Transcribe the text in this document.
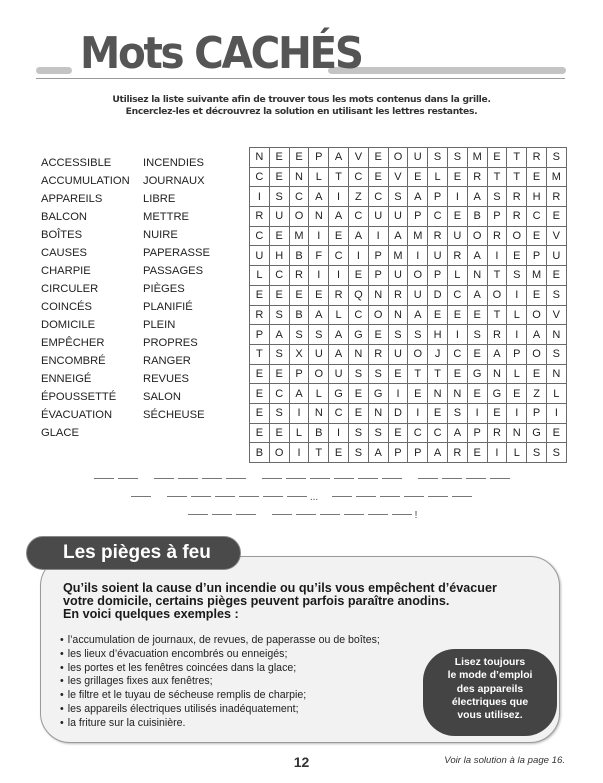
Mots CACHÉS
Utilisez la liste suivante afin de trouver tous les mots contenus dans la grille.
Encerclez-les et décrouvrez la solution en utilisant les lettres restantes.
ACCESSIBLE
ACCUMULATION
APPAREILS
BALCON
BOÎTES
CAUSES
CHARPIE
CIRCULER
COINCÉS
DOMICILE
EMPÊCHER
ENCOMBRÉ
ENNEIGÉ
ÉPOUSSETTÉ
ÉVACUATION
GLACE
INCENDIES
JOURNAUX
LIBRE
METTRE
NUIRE
PAPERASSE
PASSAGES
PIÈGES
PLANIFIÉ
PLEIN
PROPRES
RANGER
REVUES
SALON
SÉCHEUSE
N	E	E	P	A	V	E	O	U	S	S	M	E	T	R	S
C	E	N	L	T	C	E	V	E	L	E	R	T	T	E	M
I	S	C	A	I	Z	C	S	A	P	I	A	S	R	H	R
R	U	O	N	A	C	U	U	P	C	E	B	P	R	C	E
C	E	M	I	E	A	I	A	M	R	U	O	R	O	E	V
U	H	B	F	C	I	P	M	I	U	R	A	I	E	P	U
L	C	R	I	I	E	P	U	O	P	L	N	T	S	M	E
E	E	E	E	R	Q	N	R	U	D	C	A	O	I	E	S
R	S	B	A	L	C	O	N	A	E	E	E	T	L	O	V
P	A	S	S	A	G	E	S	S	H	I	S	R	I	A	N
T	S	X	U	A	N	R	U	O	J	C	E	A	P	O	S
E	E	P	O	U	S	S	E	T	T	E	G	N	L	E	N
E	C	A	L	G	E	G	I	E	N	N	E	G	E	Z	L
E	S	I	N	C	E	N	D	I	E	S	I	E	I	P	I
E	E	L	B	I	S	S	E	C	C	A	P	R	N	G	E
B	O	I	T	E	S	A	P	P	A	R	E	I	L	S	S
...
!
Les pièges à feu
Qu’ils soient la cause d’un incendie ou qu’ils vous empêchent d’évacuer
votre domicile, certains pièges peuvent parfois paraître anodins.
En voici quelques exemples :
• l’accumulation de journaux, de revues, de paperasse ou de boîtes;
• les lieux d’évacuation encombrés ou enneigés;
• les portes et les fenêtres coincées dans la glace;
• les grillages fixes aux fenêtres;
• le filtre et le tuyau de sécheuse remplis de charpie;
• les appareils électriques utilisés inadéquatement;
• la friture sur la cuisinière.
Lisez toujours
le mode d’emploi
des appareils
électriques que
vous utilisez.
12	Voir la solution à la page 16.
